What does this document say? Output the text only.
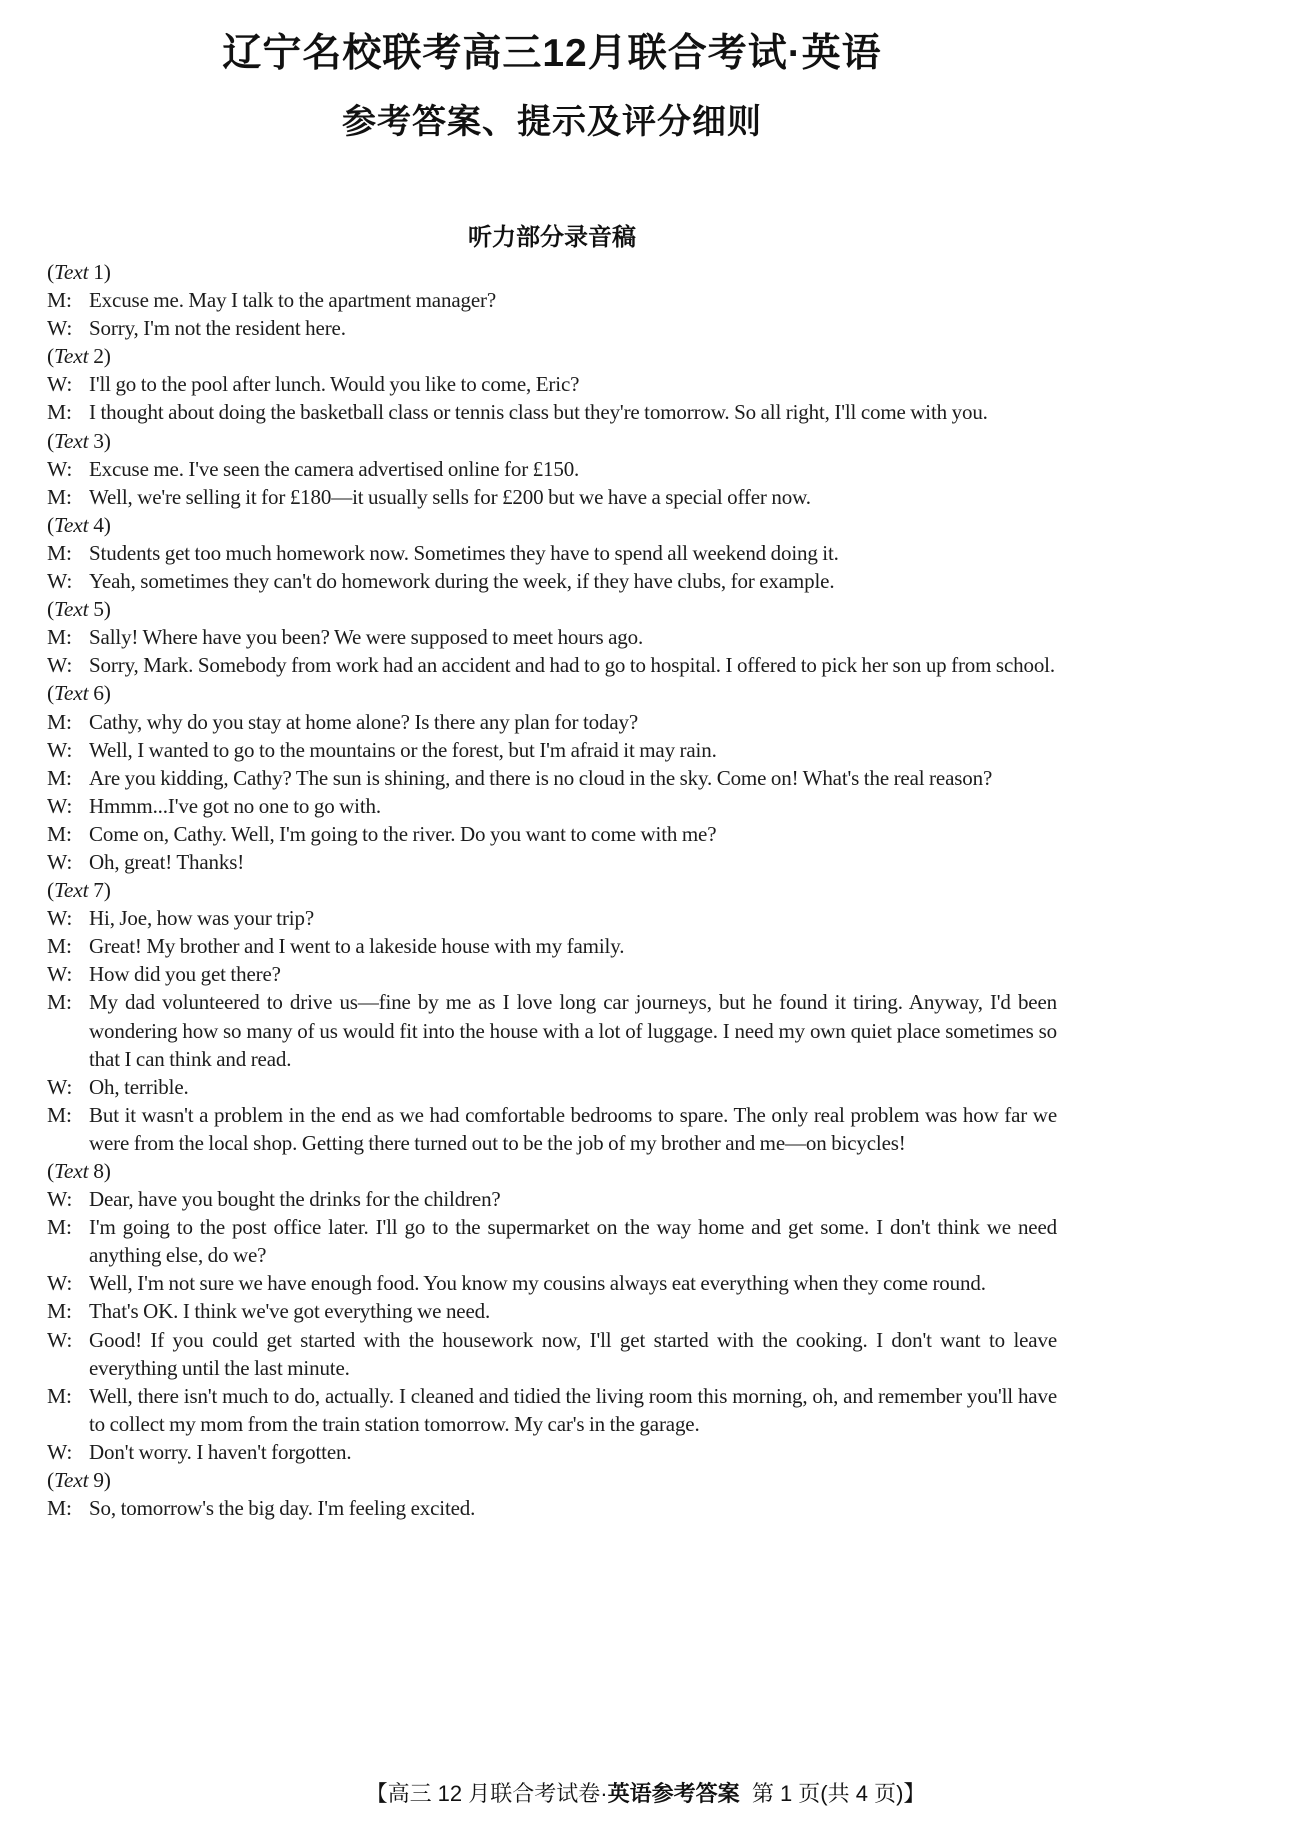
辽宁名校联考高三12月联合考试·英语
参考答案、提示及评分细则
听力部分录音稿
(Text 1)
M: Excuse me. May I talk to the apartment manager?
W: Sorry, I'm not the resident here.
(Text 2)
W: I'll go to the pool after lunch. Would you like to come, Eric?
M: I thought about doing the basketball class or tennis class but they're tomorrow. So all right, I'll come with you.
(Text 3)
W: Excuse me. I've seen the camera advertised online for £150.
M: Well, we're selling it for £180—it usually sells for £200 but we have a special offer now.
(Text 4)
M: Students get too much homework now. Sometimes they have to spend all weekend doing it.
W: Yeah, sometimes they can't do homework during the week, if they have clubs, for example.
(Text 5)
M: Sally! Where have you been? We were supposed to meet hours ago.
W: Sorry, Mark. Somebody from work had an accident and had to go to hospital. I offered to pick her son up from school.
(Text 6)
M: Cathy, why do you stay at home alone? Is there any plan for today?
W: Well, I wanted to go to the mountains or the forest, but I'm afraid it may rain.
M: Are you kidding, Cathy? The sun is shining, and there is no cloud in the sky. Come on! What's the real reason?
W: Hmmm...I've got no one to go with.
M: Come on, Cathy. Well, I'm going to the river. Do you want to come with me?
W: Oh, great! Thanks!
(Text 7)
W: Hi, Joe, how was your trip?
M: Great! My brother and I went to a lakeside house with my family.
W: How did you get there?
M: My dad volunteered to drive us—fine by me as I love long car journeys, but he found it tiring. Anyway, I'd been wondering how so many of us would fit into the house with a lot of luggage. I need my own quiet place sometimes so that I can think and read.
W: Oh, terrible.
M: But it wasn't a problem in the end as we had comfortable bedrooms to spare. The only real problem was how far we were from the local shop. Getting there turned out to be the job of my brother and me—on bicycles!
(Text 8)
W: Dear, have you bought the drinks for the children?
M: I'm going to the post office later. I'll go to the supermarket on the way home and get some. I don't think we need anything else, do we?
W: Well, I'm not sure we have enough food. You know my cousins always eat everything when they come round.
M: That's OK. I think we've got everything we need.
W: Good! If you could get started with the housework now, I'll get started with the cooking. I don't want to leave everything until the last minute.
M: Well, there isn't much to do, actually. I cleaned and tidied the living room this morning, oh, and remember you'll have to collect my mom from the train station tomorrow. My car's in the garage.
W: Don't worry. I haven't forgotten.
(Text 9)
M: So, tomorrow's the big day. I'm feeling excited.
【高三 12 月联合考试卷·英语参考答案  第 1 页(共 4 页)】
